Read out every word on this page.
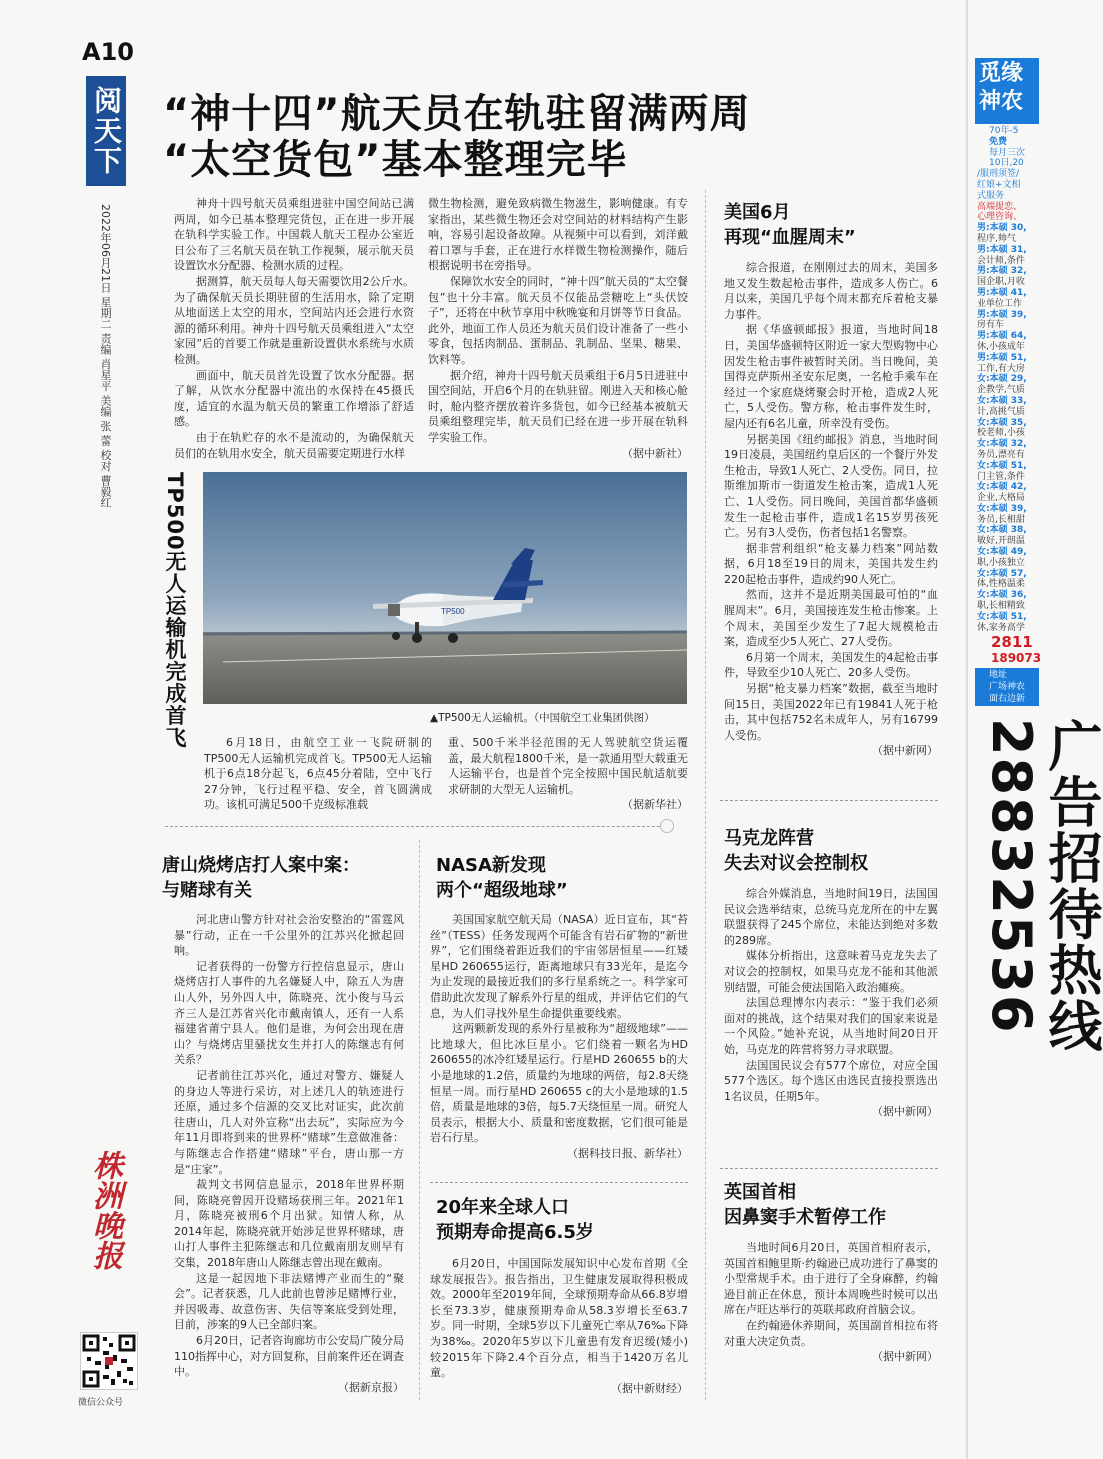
A10
阅天下
2022年06月21日 星期二 责编 肖星平 美编 张 蕾 校对 曹毅红
株洲晚报
微信公众号
“神十四”航天员在轨驻留满两周
“太空货包”基本整理完毕

神舟十四号航天员乘组进驻中国空间站已满两周，如今已基本整理完货包，正在进一步开展在轨科学实验工作。中国载人航天工程办公室近日公布了三名航天员在轨工作视频，展示航天员设置饮水分配器、检测水质的过程。

据测算，航天员每人每天需要饮用2公斤水。为了确保航天员长期驻留的生活用水，除了定期从地面送上太空的用水，空间站内还会进行水资源的循环利用。神舟十四号航天员乘组进入“太空家园”后的首要工作就是重新设置供水系统与水质检测。

画面中，航天员首先设置了饮水分配器。据了解，从饮水分配器中流出的水保持在45摄氏度，适宜的水温为航天员的繁重工作增添了舒适感。

由于在轨贮存的水不是流动的，为确保航天员们的在轨用水安全，航天员需要定期进行水样

微生物检测，避免致病微生物滋生，影响健康。有专家指出，某些微生物还会对空间站的材料结构产生影响，容易引起设备故障。从视频中可以看到，刘洋戴着口罩与手套，正在进行水样微生物检测操作，随后根据说明书在旁指导。

保障饮水安全的同时，“神十四”航天员的“太空餐包”也十分丰富。航天员不仅能品尝糖吃上“头伏饺子”，还将在中秋节享用中秋晚宴和月饼等节日食品。此外，地面工作人员还为航天员们设计准备了一些小零食，包括肉制品、蛋制品、乳制品、坚果、糖果、饮料等。

据介绍，神舟十四号航天员乘组于6月5日进驻中国空间站，开启6个月的在轨驻留。刚进入天和核心舱时，舱内整齐摆放着许多货包，如今已经基本被航天员乘组整理完毕，航天员们已经在进一步开展在轨科学实验工作。

（据中新社）
TP500无人运输机完成首飞	TP500
▲TP500无人运输机。（中国航空工业集团供图）

6月18日，由航空工业一飞院研制的TP500无人运输机完成首飞。TP500无人运输机于6点18分起飞，6点45分着陆，空中飞行27分钟，飞行过程平稳、安全，首飞圆满成功。该机可满足500千克级标准载

重、500千米半径范围的无人驾驶航空货运覆盖，最大航程1800千米，是一款通用型大载重无人运输平台，也是首个完全按照中国民航适航要求研制的大型无人运输机。

（据新华社）
唐山烧烤店打人案中案：
与赌球有关

河北唐山警方针对社会治安整治的“雷霆风暴”行动，正在一千公里外的江苏兴化掀起回响。

记者获得的一份警方行控信息显示，唐山烧烤店打人事件的九名嫌疑人中，除五人为唐山人外，另外四人中，陈晓亮、沈小俊与马云齐三人是江苏省兴化市戴南镇人，还有一人系福建省莆宁县人。他们是谁，为何会出现在唐山？与烧烤店里骚扰女生并打人的陈继志有何关系？

记者前往江苏兴化，通过对警方、嫌疑人的身边人等进行采访，对上述几人的轨迹进行还原，通过多个信源的交叉比对证实，此次前往唐山，几人对外宣称“出去玩”，实际应为今年11月即将到来的世界杯“赌球”生意做准备：与陈继志合作搭建“赌球”平台，唐山那一方是“庄家”。

裁判文书网信息显示，2018年世界杯期间，陈晓亮曾因开设赌场获刑三年。2021年1月，陈晓亮被刑6个月出狱。知情人称，从2014年起，陈晓亮就开始涉足世界杯赌球，唐山打人事件主犯陈继志和几位戴南朋友则早有交集，2018年唐山人陈继志曾出现在戴南。

这是一起因地下非法赌博产业而生的“聚会”。记者获悉，几人此前也曾涉足赌博行业，并因吸毒、故意伤害、失信等案底受到处理，目前，涉案的9人已全部归案。

6月20日，记者咨询廊坊市公安局广陵分局110指挥中心，对方回复称，目前案件还在调查中。

（据新京报）
NASA新发现
两个“超级地球”

美国国家航空航天局（NASA）近日宣布，其“苔丝”（TESS）任务发现两个可能含有岩石矿物的“新世界”，它们围绕着距近我们的宇宙邻居恒星——红矮星HD 260655运行，距离地球只有33光年，是迄今为止发现的最接近我们的多行星系统之一。科学家可借助此次发现了解系外行星的组成，并评估它们的气息，为人们寻找外星生命提供重要线索。

这两颗新发现的系外行星被称为“超级地球”——比地球大，但比冰巨星小。它们绕着一颗名为HD 260655的冰冷红矮星运行。行星HD 260655 b的大小是地球的1.2倍，质量约为地球的两倍，每2.8天绕恒星一周。而行星HD 260655 c的大小是地球的1.5倍，质量是地球的3倍，每5.7天绕恒星一周。研究人员表示，根据大小、质量和密度数据，它们很可能是岩石行星。

（据科技日报、新华社）
20年来全球人口
预期寿命提高6.5岁

6月20日，中国国际发展知识中心发布首期《全球发展报告》。报告指出，卫生健康发展取得积极成效。2000年至2019年间，全球预期寿命从66.8岁增长至73.3岁，健康预期寿命从58.3岁增长至63.7岁。同一时期，全球5岁以下儿童死亡率从76‰下降为38‰。2020年5岁以下儿童患有发育迟缓(矮小)较2015年下降2.4个百分点，相当于1420万名儿童。

（据中新财经）
美国6月
再现“血腥周末”

综合报道，在刚刚过去的周末，美国多地又发生数起枪击事件，造成多人伤亡。6月以来，美国几乎每个周末都充斥着枪支暴力事件。

据《华盛顿邮报》报道，当地时间18日，美国华盛顿特区附近一家大型购物中心因发生枪击事件被暂时关闭。当日晚间，美国得克萨斯州圣安东尼奥，一名枪手乘车在经过一个家庭烧烤聚会时开枪，造成2人死亡，5人受伤。警方称，枪击事件发生时，屋内还有6名儿童，所幸没有受伤。

另据美国《纽约邮报》消息，当地时间19日凌晨，美国纽约皇后区的一个餐厅外发生枪击，导致1人死亡、2人受伤。同日，拉斯维加斯市一街道发生枪击案，造成1人死亡、1人受伤。同日晚间，美国首都华盛顿发生一起枪击事件，造成1名15岁男孩死亡。另有3人受伤，伤者包括1名警察。

据非营利组织“枪支暴力档案”网站数据，6月18至19日的周末，美国共发生约220起枪击事件，造成约90人死亡。

然而，这并不是近期美国最可怕的“血腥周末”。6月，美国接连发生枪击惨案。上个周末，美国至少发生了7起大规模枪击案，造成至少5人死亡、27人受伤。

6月第一个周末，美国发生的4起枪击事件，导致至少10人死亡、20多人受伤。

另据“枪支暴力档案”数据，截至当地时间15日，美国2022年已有19841人死于枪击，其中包括752名未成年人，另有16799人受伤。

（据中新网）
马克龙阵营
失去对议会控制权

综合外媒消息，当地时间19日，法国国民议会选举结束，总统马克龙所在的中左翼联盟获得了245个席位，未能达到绝对多数的289席。

媒体分析指出，这意味着马克龙失去了对议会的控制权，如果马克龙不能和其他派别结盟，可能会使法国陷入政治瘫痪。

法国总理博尔内表示：“鉴于我们必须面对的挑战，这个结果对我们的国家来说是一个风险。”她补充说，从当地时间20日开始，马克龙的阵营将努力寻求联盟。

法国国民议会有577个席位，对应全国577个选区。每个选区由选民直接投票选出1名议员，任期5年。

（据中新网）
英国首相
因鼻窦手术暂停工作

当地时间6月20日，英国首相府表示，英国首相鲍里斯·约翰逊已成功进行了鼻窦的小型常规手术。由于进行了全身麻醉，约翰逊目前正在休息，预计本周晚些时候可以出席在卢旺达举行的英联邦政府首脑会议。

在约翰逊休养期间，英国副首相拉布将对重大决定负责。

（据中新网）
觅缘
神农
70年-5
免费
每月三次
10日,20
/服刑须签/
红娘+文相
式服务
高端提恋、
心理咨询、
男:本硕 30,
程序,帅气
男:本硕 31,
会计师,条件
男:本硕 32,
国企职,月收
男:本硕 41,
业单位工作
男:本硕 39,
房有车
男:本硕 64,
休,小孩成年
男:本硕 51,
工作,有大房
女:本硕 29,
企教学,气质
女:本硕 33,
计,高挑气质
女:本硕 35,
校老师,小孩
女:本硕 32,
务员,漂亮有
女:本硕 51,
门主管,条件
女:本硕 42,
企业,大格局
女:本硕 39,
务员,长相甜
女:本硕 38,
敏好,开朗温
女:本硕 49,
职,小孩独立
女:本硕 57,
体,性格温柔
女:本硕 36,
职,长相精致
女:本硕 51,
休,家务高学
2811
189073
地址
广场神农
面右边新
广告招待热线28832536
